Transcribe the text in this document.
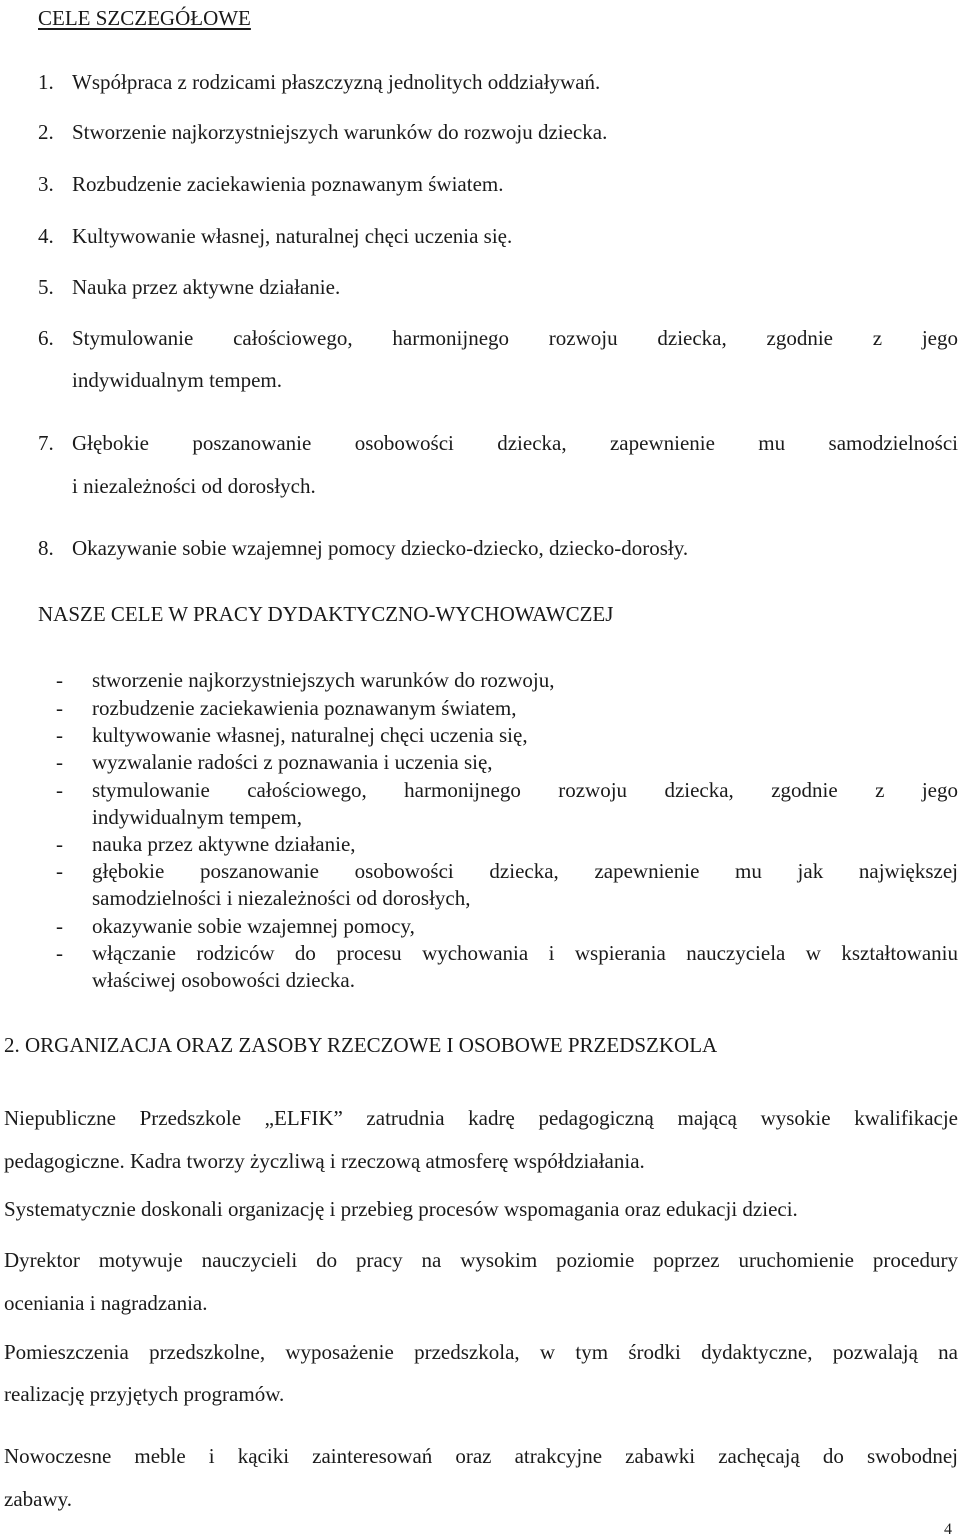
CELE SZCZEGÓŁOWE
1. Współpraca z rodzicami płaszczyzną jednolitych oddziaływań.
2. Stworzenie najkorzystniejszych warunków do rozwoju dziecka.
3. Rozbudzenie zaciekawienia poznawanym światem.
4. Kultywowanie własnej, naturalnej chęci uczenia się.
5. Nauka przez aktywne działanie.
6. Stymulowanie całościowego, harmonijnego rozwoju dziecka, zgodnie z jego
indywidualnym tempem.
7. Głębokie poszanowanie osobowości dziecka, zapewnienie mu samodzielności
i niezależności od dorosłych.
8. Okazywanie sobie wzajemnej pomocy dziecko-dziecko, dziecko-dorosły.
NASZE CELE W PRACY DYDAKTYCZNO-WYCHOWAWCZEJ
- stworzenie najkorzystniejszych warunków do rozwoju,
- rozbudzenie zaciekawienia poznawanym światem,
- kultywowanie własnej, naturalnej chęci uczenia się,
- wyzwalanie radości z poznawania i uczenia się,
- stymulowanie całościowego, harmonijnego rozwoju dziecka, zgodnie z jego
indywidualnym tempem,
- nauka przez aktywne działanie,
- głębokie poszanowanie osobowości dziecka, zapewnienie mu jak największej
samodzielności i niezależności od dorosłych,
- okazywanie sobie wzajemnej pomocy,
- włączanie rodziców do procesu wychowania i wspierania nauczyciela w kształtowaniu
właściwej osobowości dziecka.
2. ORGANIZACJA ORAZ ZASOBY RZECZOWE I OSOBOWE PRZEDSZKOLA
Niepubliczne Przedszkole „ELFIK” zatrudnia kadrę pedagogiczną mającą wysokie kwalifikacje
pedagogiczne. Kadra tworzy życzliwą i rzeczową atmosferę współdziałania.
Systematycznie doskonali organizację i przebieg procesów wspomagania oraz edukacji dzieci.
Dyrektor motywuje nauczycieli do pracy na wysokim poziomie poprzez uruchomienie procedury
oceniania i nagradzania.
Pomieszczenia przedszkolne, wyposażenie przedszkola, w tym środki dydaktyczne, pozwalają na
realizację przyjętych programów.
Nowoczesne meble i kąciki zainteresowań oraz atrakcyjne zabawki zachęcają do swobodnej
zabawy.
4
